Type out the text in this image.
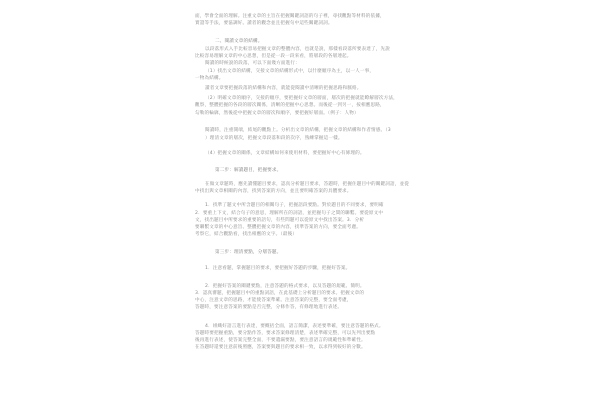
面，學會全面的理解。注重文章的主旨在把握關鍵詞語的句子裡，尋找觀點等材料的依據，
實證等手法，要協調好。讀者的觀念並且把握句中這些關鍵詞詞。
二、閱讀文章的結構。
以段落形式入手比較容易把握文章的整體內容，也就是說，那樣看段落所要表達了，先說
比較容易理解文章的中心思想，但是從一段一段來看，將層段的各層連起。
閱讀的時候說的段落，可以下面幾方面進行：
（1）找出文章的結構，交接文章的結構形式中，以什麼順序為主，以一人一事，
一物為結構。
讀者文章要把握段落的結構和內容，就能從閱讀中清晰的把握思路和脈絡。
（2）明確文章的順序，交接的順序，要把握好文章的層面，層次的把握就能瞭解層次方法，
觀察，整體把握的各段的層次關係，清晰的把握中心思想。而後從一到另一，按相應思路，
勾勒的輪廓，然後從中把握文章的層次和順序，要把握好層面。（例子：人物）
閱讀時，注重開端，結尾的觀點上。分析出文章的結構，把握文章的結構和作者情感。（3
）理清文章的層次，把握文章段落和段的次序，熟練掌握這一樣。
（4）把握文章的關係，文章結構如何來使用材料，要把握好中心有條理的。
第二步：解讀題目，把握要求。
在做文章題時，應先讀懂題目要求，認真分析題目要求，答題時，把握住題目中的關鍵詞語，並從
中找出與文章相關的內容，找到答案的方向，並且要明確答案的具體要求。
1．找準了題文中所含題目的相關句子，把握語段要點。對於題目的不同要求，要明確
2．要重上下文，結合句子的意思，理解所在的詞語，並把握句子之間的聯繫。要從原文中
文，找出題目中所要求的重要的語句，有些問題可以從原文中找出答案。3．分析
要聯繫文章的中心意旨、整體把握文章的內容，找準答案的方向，要全面考慮。
考察它，結合觀點看，找出相應的文字。（最後）
第三步：理清要點，分層答題。
1．注意看題，掌握題目的要求，要把握好答題的步驟，把握好答案。
2．把握好答案的關鍵要點，注意答題的格式要求，以及答題的規範、簡明。
3．認真審題，把握題目中的重點詞語，在此基礎上分析題目的要求。把握文章的
中心，注意文章的思路，才能使答案準確。注意答案的完整，要全面考慮，
答題時，要注意答案的要點是否完整，分條作答，有條理地進行表述。
4．組織好語言進行表達，要概括全面，語言簡潔，表述要準確，要注意答題的格式。
答題時要把握重點，要分點作答，要求答案條理清楚，表述準確完整，可以先列出要點
後再進行表述，使答案完整全面，不要遺漏要點，要注意語言的規範性和準確性。
在答題時還要注意前後照應，答案要與題目的要求相一致，以求得到較好的分數。
